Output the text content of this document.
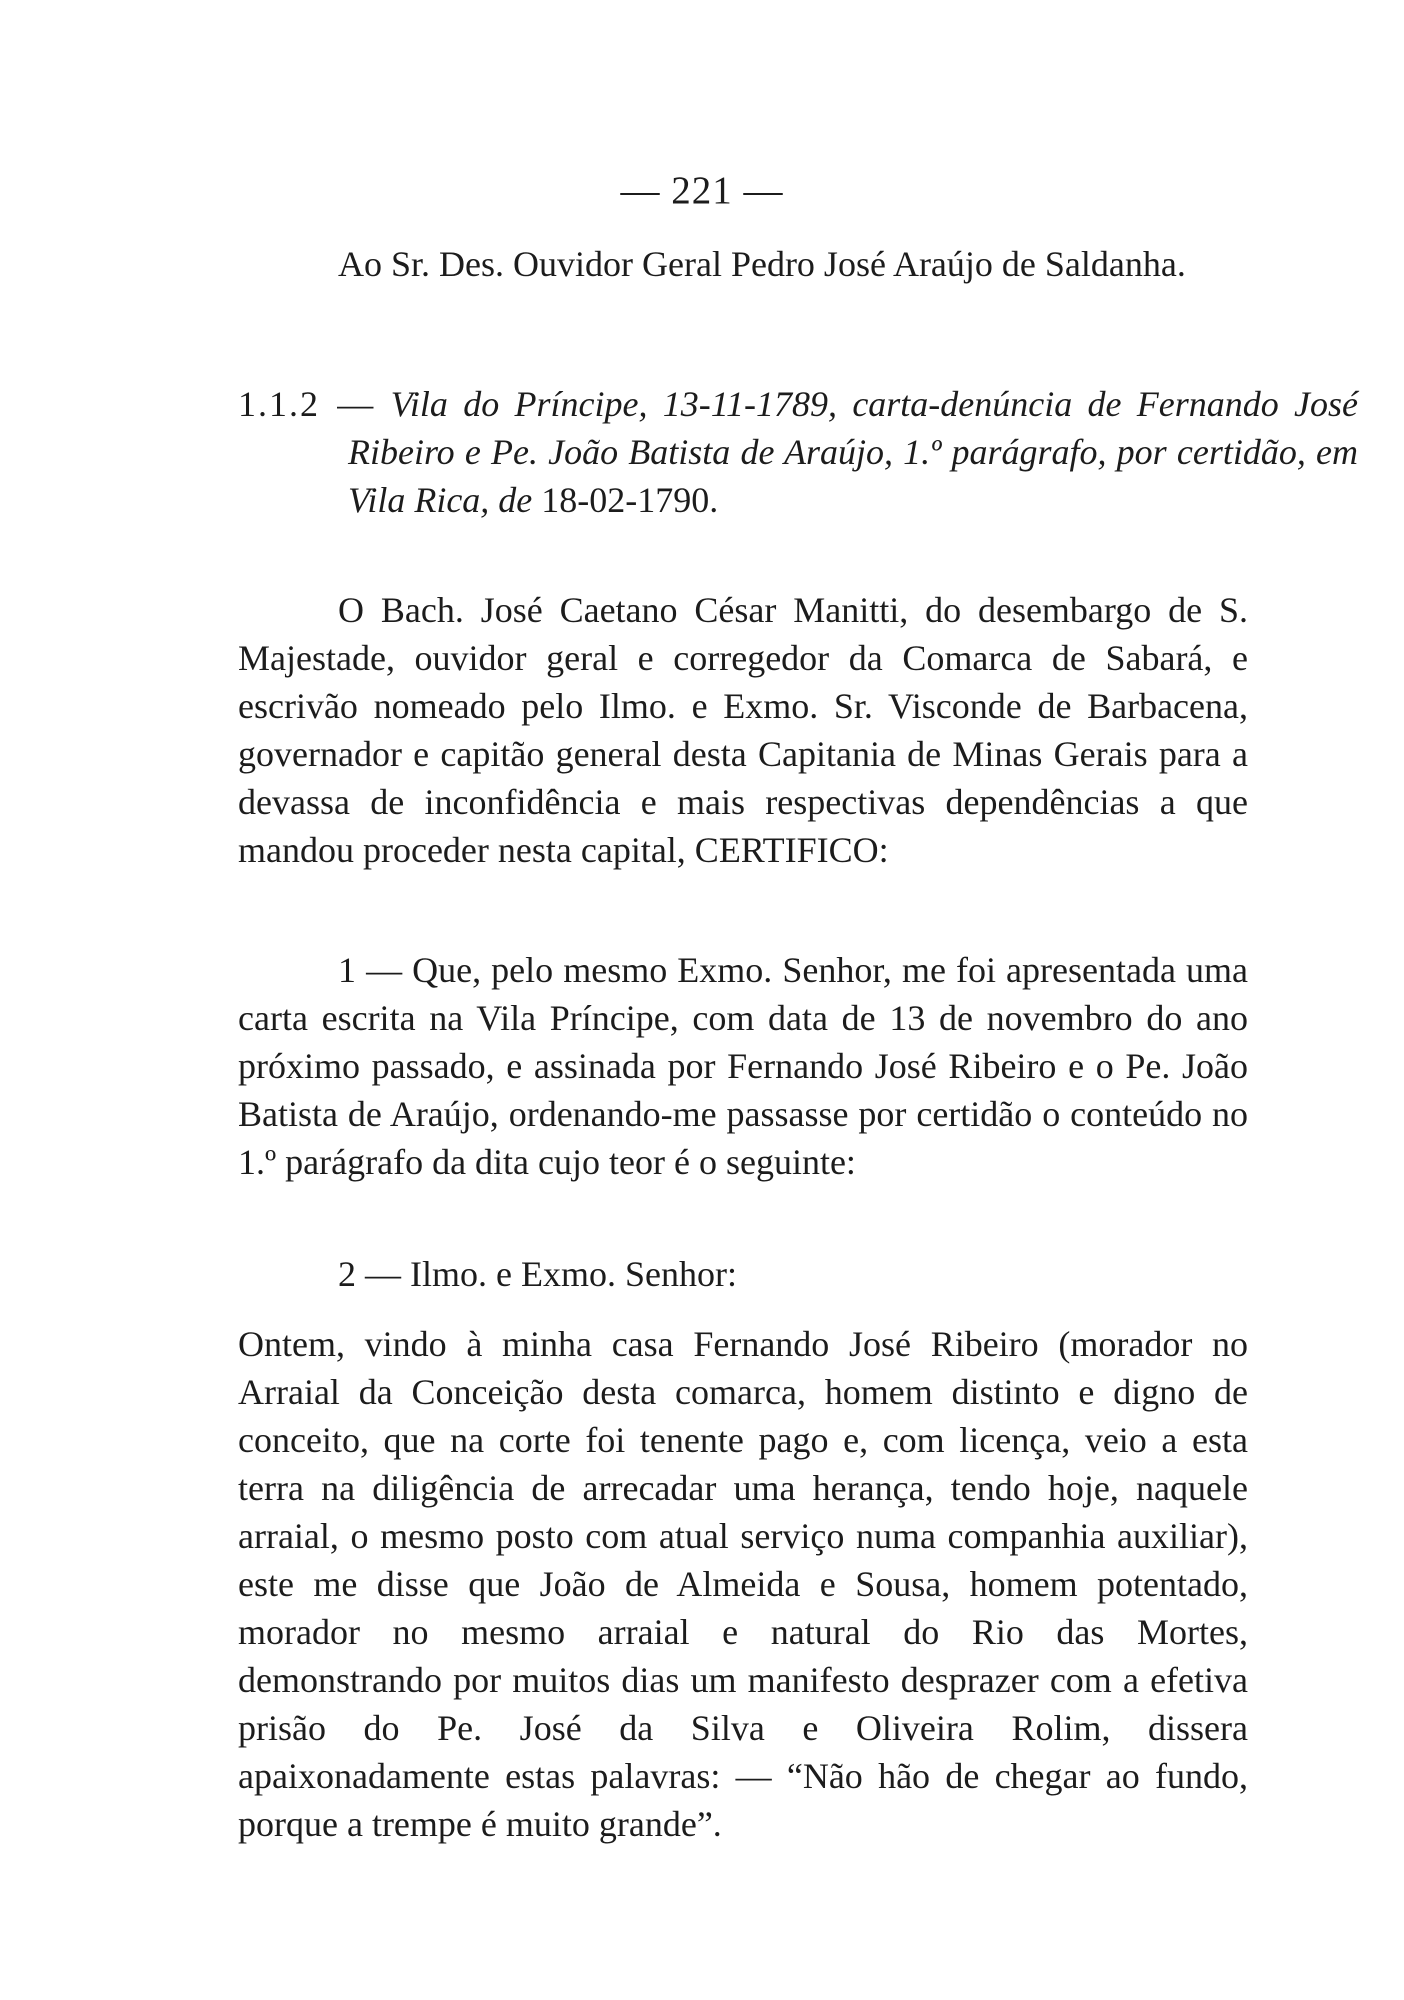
— 221 —

Ao Sr. Des. Ouvidor Geral Pedro José Araújo de Saldanha.

1.1.2 — Vila do Príncipe, 13-11-1789, carta-denúncia de Fernando José Ribeiro e Pe. João Batista de Araújo, 1.º parágrafo, por certidão, em Vila Rica, de 18-02-1790.

O Bach. José Caetano César Manitti, do desembargo de S. Majestade, ouvidor geral e corregedor da Comarca de Sabará, e escrivão nomeado pelo Ilmo. e Exmo. Sr. Visconde de Barbacena, governador e capitão general desta Capitania de Minas Gerais para a devassa de inconfidência e mais respectivas dependências a que mandou proceder nesta capital, CERTIFICO:

1 — Que, pelo mesmo Exmo. Senhor, me foi apresentada uma carta escrita na Vila Príncipe, com data de 13 de novembro do ano próximo passado, e assinada por Fernando José Ribeiro e o Pe. João Batista de Araújo, ordenando-me passasse por certidão o conteúdo no 1.º parágrafo da dita cujo teor é o seguinte:

2 — Ilmo. e Exmo. Senhor:

Ontem, vindo à minha casa Fernando José Ribeiro (morador no Arraial da Conceição desta comarca, homem distinto e digno de conceito, que na corte foi tenente pago e, com licença, veio a esta terra na diligência de arrecadar uma herança, tendo hoje, naquele arraial, o mesmo posto com atual serviço numa companhia auxiliar), este me disse que João de Almeida e Sousa, homem potentado, morador no mesmo arraial e natural do Rio das Mortes, demonstrando por muitos dias um manifesto desprazer com a efetiva prisão do Pe. José da Silva e Oliveira Rolim, dissera apaixonadamente estas palavras: — “Não hão de chegar ao fundo, porque a trempe é muito grande”.
